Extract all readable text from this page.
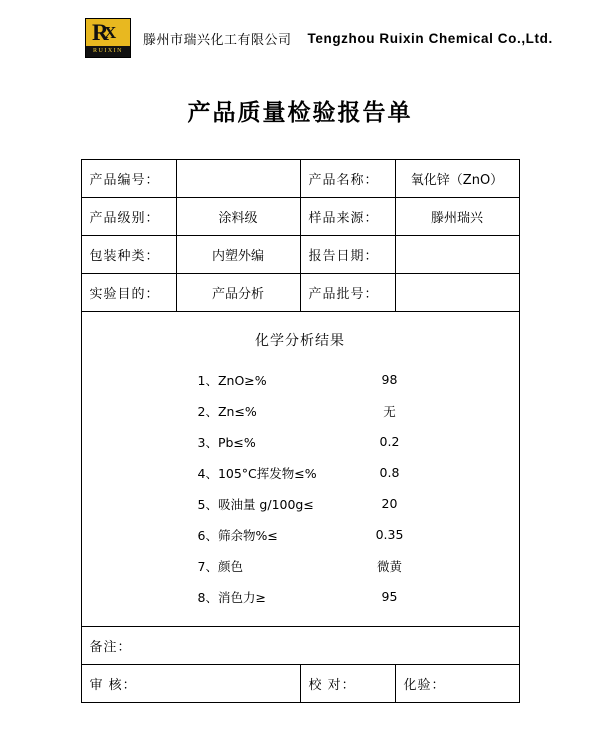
R
X
RUIXIN
滕州市瑞兴化工有限公司 Tengzhou Ruixin Chemical Co.,Ltd.
产品质量检验报告单
产品编号：		产品名称：	氧化锌（ZnO）
产品级别：	涂料级	样品来源：	滕州瑞兴
包装种类：	内塑外编	报告日期：	
实验目的：	产品分析	产品批号：	

化学分析结果
1、ZnO≥%	98
2、Zn≤%	无
3、Pb≤%	0.2
4、105°C挥发物≤%	0.8
5、吸油量 g/100g≤	20
6、筛余物%≤	0.35
7、颜色	微黄
8、消色力≥	95

备注：			
审 核：		校 对：	化验：
